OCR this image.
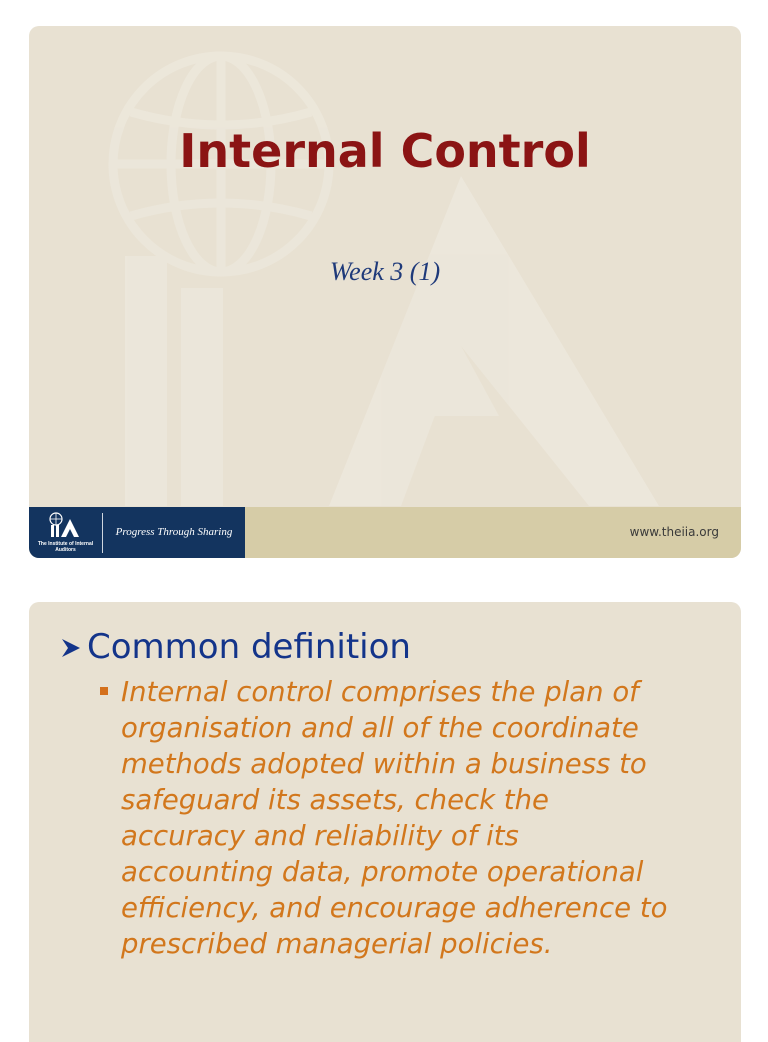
Internal Control
Week 3 (1)
The Institute of Internal Auditors
Progress Through Sharing	www.theiia.org
Common definition
Internal control comprises the plan of
organisation and all of the coordinate
methods adopted within a business to
safeguard its assets, check the
accuracy and reliability of its
accounting data, promote operational
efficiency, and encourage adherence to
prescribed managerial policies.
